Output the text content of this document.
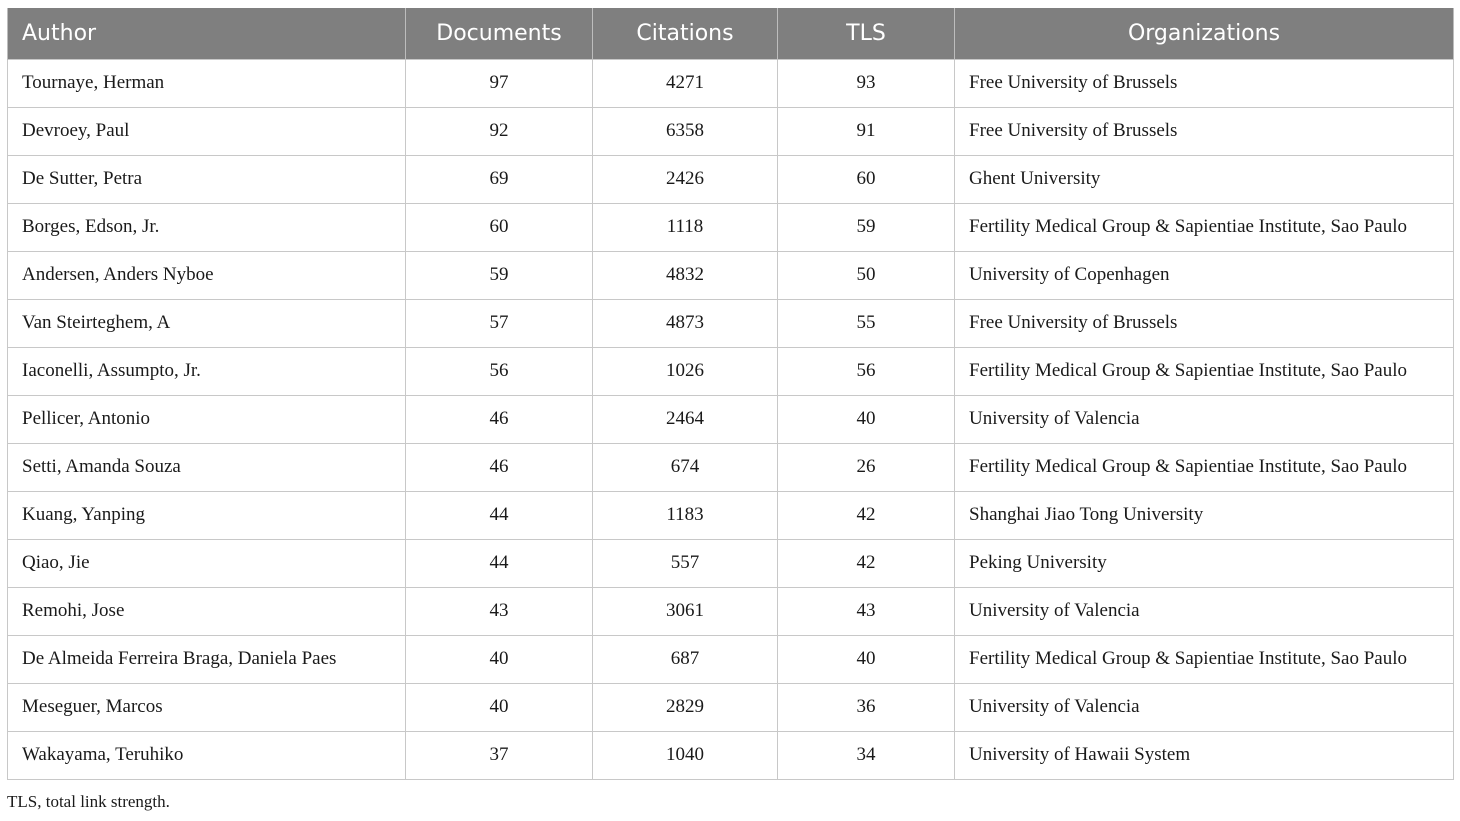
Author	Documents	Citations	TLS	Organizations
Tournaye, Herman	97	4271	93	Free University of Brussels
Devroey, Paul	92	6358	91	Free University of Brussels
De Sutter, Petra	69	2426	60	Ghent University
Borges, Edson, Jr.	60	1118	59	Fertility Medical Group & Sapientiae Institute, Sao Paulo
Andersen, Anders Nyboe	59	4832	50	University of Copenhagen
Van Steirteghem, A	57	4873	55	Free University of Brussels
Iaconelli, Assumpto, Jr.	56	1026	56	Fertility Medical Group & Sapientiae Institute, Sao Paulo
Pellicer, Antonio	46	2464	40	University of Valencia
Setti, Amanda Souza	46	674	26	Fertility Medical Group & Sapientiae Institute, Sao Paulo
Kuang, Yanping	44	1183	42	Shanghai Jiao Tong University
Qiao, Jie	44	557	42	Peking University
Remohi, Jose	43	3061	43	University of Valencia
De Almeida Ferreira Braga, Daniela Paes	40	687	40	Fertility Medical Group & Sapientiae Institute, Sao Paulo
Meseguer, Marcos	40	2829	36	University of Valencia
Wakayama, Teruhiko	37	1040	34	University of Hawaii System
TLS, total link strength.
